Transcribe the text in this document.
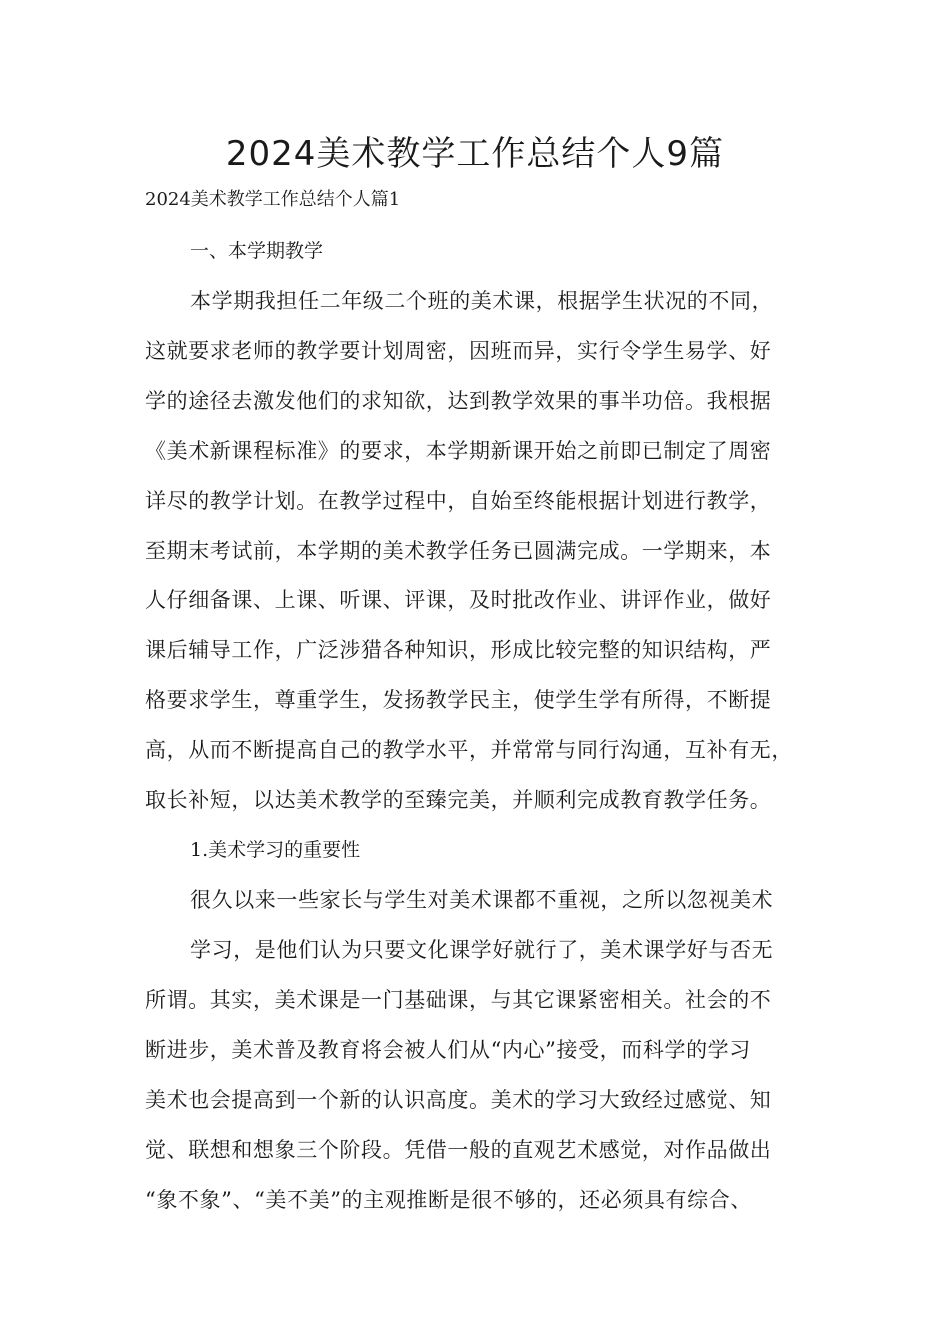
2024美术教学工作总结个人9篇

2024美术教学工作总结个人篇1

一、本学期教学

本学期我担任二年级二个班的美术课，根据学生状况的不同，

这就要求老师的教学要计划周密，因班而异，实行令学生易学、好

学的途径去激发他们的求知欲，达到教学效果的事半功倍。我根据

《美术新课程标准》的要求，本学期新课开始之前即已制定了周密

详尽的教学计划。在教学过程中，自始至终能根据计划进行教学，

至期末考试前，本学期的美术教学任务已圆满完成。一学期来，本

人仔细备课、上课、听课、评课，及时批改作业、讲评作业，做好

课后辅导工作，广泛涉猎各种知识，形成比较完整的知识结构，严

格要求学生，尊重学生，发扬教学民主，使学生学有所得，不断提

高，从而不断提高自己的教学水平，并常常与同行沟通，互补有无，

取长补短，以达美术教学的至臻完美，并顺利完成教育教学任务。

1.美术学习的重要性

很久以来一些家长与学生对美术课都不重视，之所以忽视美术

学习，是他们认为只要文化课学好就行了，美术课学好与否无

所谓。其实，美术课是一门基础课，与其它课紧密相关。社会的不

断进步，美术普及教育将会被人们从“内心”接受，而科学的学习

美术也会提高到一个新的认识高度。美术的学习大致经过感觉、知

觉、联想和想象三个阶段。凭借一般的直观艺术感觉，对作品做出

“象不象”、“美不美”的主观推断是很不够的，还必须具有综合、
